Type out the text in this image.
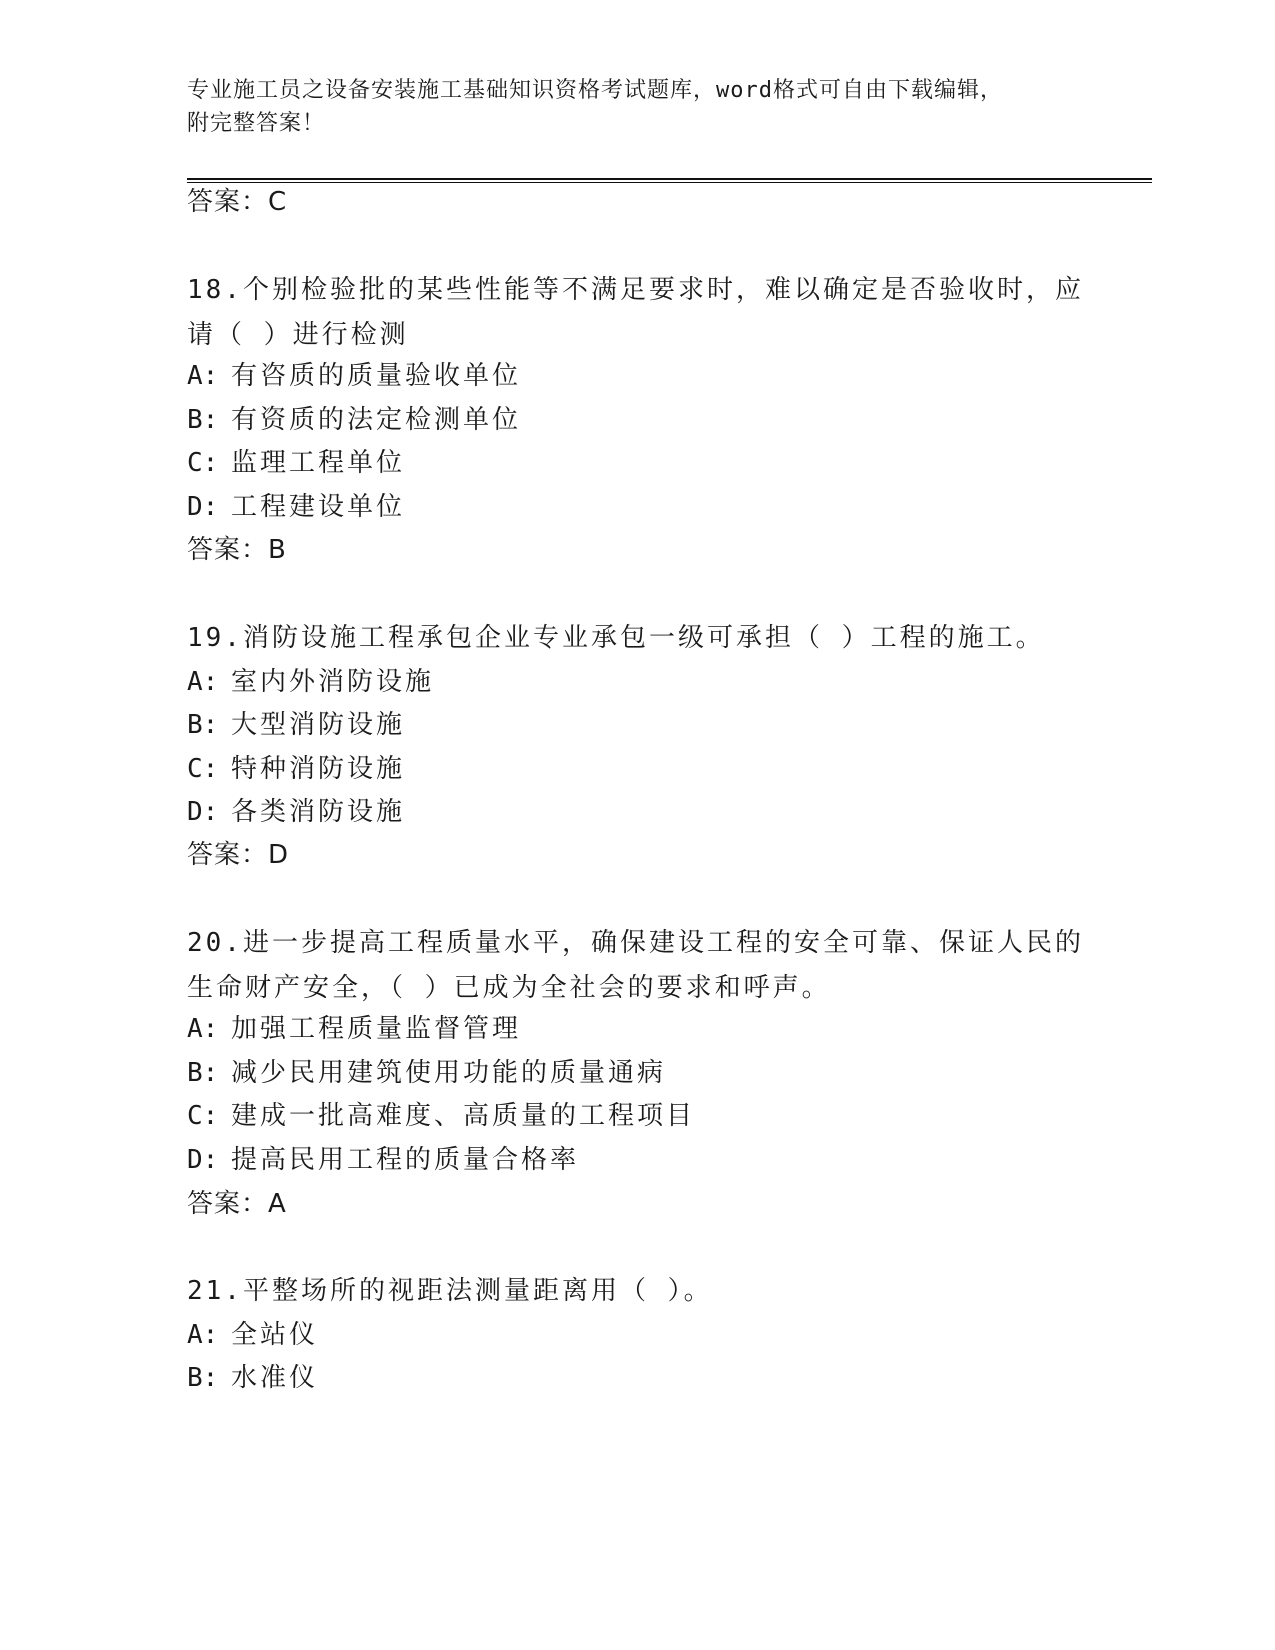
专业施工员之设备安装施工基础知识资格考试题库，word格式可自由下载编辑，
附完整答案！
答案：C
18.个别检验批的某些性能等不满足要求时，难以确定是否验收时，应
请（ ）进行检测
A: 有咨质的质量验收单位
B: 有资质的法定检测单位
C: 监理工程单位
D: 工程建设单位
答案：B
19.消防设施工程承包企业专业承包一级可承担（ ）工程的施工。
A: 室内外消防设施
B: 大型消防设施
C: 特种消防设施
D: 各类消防设施
答案：D
20.进一步提高工程质量水平，确保建设工程的安全可靠、保证人民的
生命财产安全，（ ）已成为全社会的要求和呼声。
A: 加强工程质量监督管理
B: 减少民用建筑使用功能的质量通病
C: 建成一批高难度、高质量的工程项目
D: 提高民用工程的质量合格率
答案：A
21.平整场所的视距法测量距离用（ ）。
A: 全站仪
B: 水准仪
